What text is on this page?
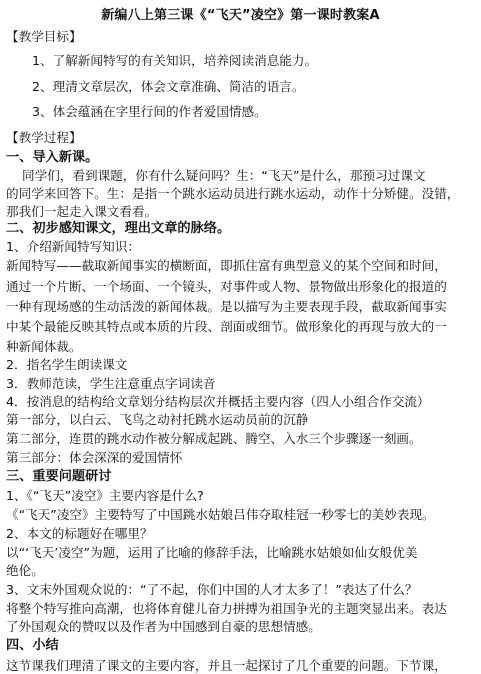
新编八上第三课《“飞天”凌空》第一课时教案A
【教学目标】
1、了解新闻特写的有关知识，培养阅读消息能力。
2、理清文章层次，体会文章准确、简洁的语言。
3、体会蕴涵在字里行间的作者爱国情感。
【教学过程】
一、导入新课。
同学们，看到课题，你有什么疑问吗？生：“飞天”是什么，那预习过课文
的同学来回答下。生：是指一个跳水运动员进行跳水运动，动作十分矫健。没错，
那我们一起走入课文看看。
二、初步感知课文，理出文章的脉络。
1、介绍新闻特写知识：
新闻特写——截取新闻事实的横断面，即抓住富有典型意义的某个空间和时间，
通过一个片断、一个场面、一个镜头，对事件或人物、景物做出形象化的报道的
一种有现场感的生动活泼的新闻体裁。是以描写为主要表现手段，截取新闻事实
中某个最能反映其特点或本质的片段、剖面或细节。做形象化的再现与放大的一
种新闻体裁。
2．指名学生朗读课文
3．教师范读，学生注意重点字词读音
4．按消息的结构给文章划分结构层次并概括主要内容（四人小组合作交流）
第一部分，以白云、飞鸟之动衬托跳水运动员前的沉静
第二部分，连贯的跳水动作被分解成起跳、腾空、入水三个步骤逐一刻画。
第三部分：体会深深的爱国情怀
三、重要问题研讨
1、《“飞天”凌空》主要内容是什么?
《“飞天”凌空》主要特写了中国跳水姑娘吕伟夺取桂冠一秒零七的美妙表现。
2、本文的标题好在哪里？
以“‘飞天’凌空”为题，运用了比喻的修辞手法，比喻跳水姑娘如仙女般优美
绝伦。
3、文末外国观众说的：“了不起，你们中国的人才太多了！”表达了什么？
将整个特写推向高潮，也将体育健儿奋力拼搏为祖国争光的主题突显出来。表达
了外国观众的赞叹以及作者为中国感到自豪的思想情感。
四、小结
这节课我们理清了课文的主要内容，并且一起探讨了几个重要的问题。下节课，
